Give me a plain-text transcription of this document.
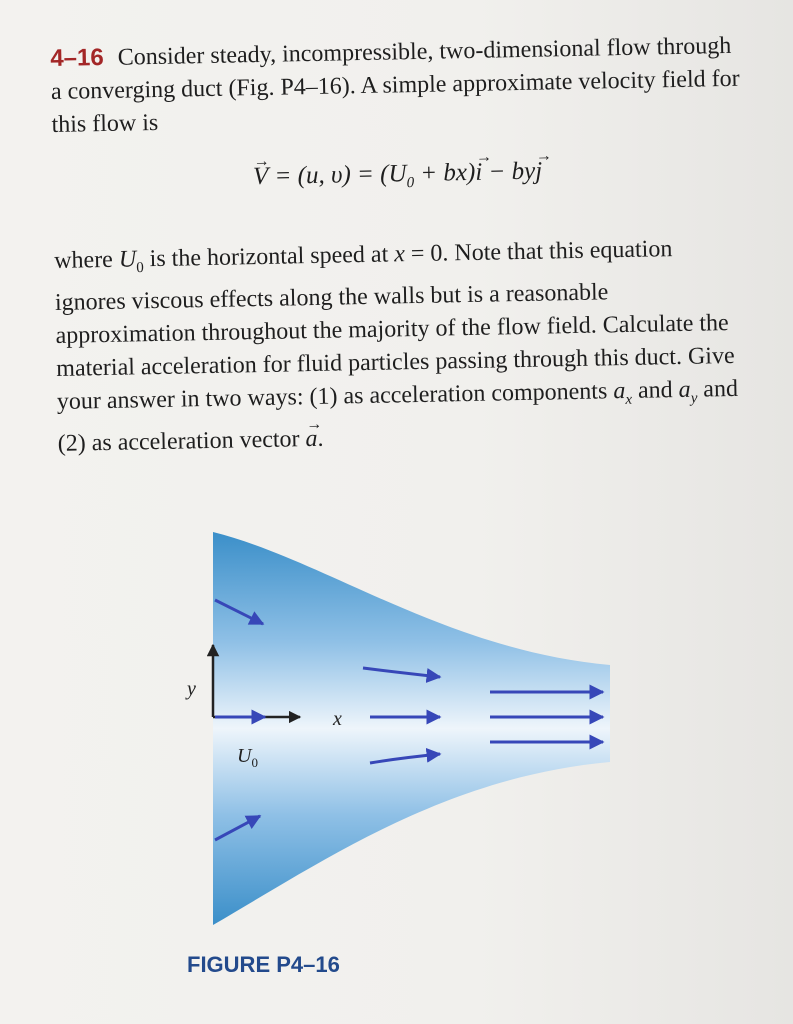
4–16 Consider steady, incompressible, two-dimensional flow through a converging duct (Fig. P4–16). A simple approximate velocity field for this flow is

→ V = (u, $\upsilon) = (U_0 + bx)\to i - by\to j$

where $U_0$ is the horizontal speed at x = 0. Note that this equation ignores viscous effects along the walls but is a reasonable approximation throughout the majority of the flow field. Calculate the material acceleration for fluid particles passing through this duct. Give your answer in two ways: (1) as acceleration components $a_x$ and $a_y$ and (2) as acceleration vector → a.

y
x
$U_0$
FIGURE P4–16
